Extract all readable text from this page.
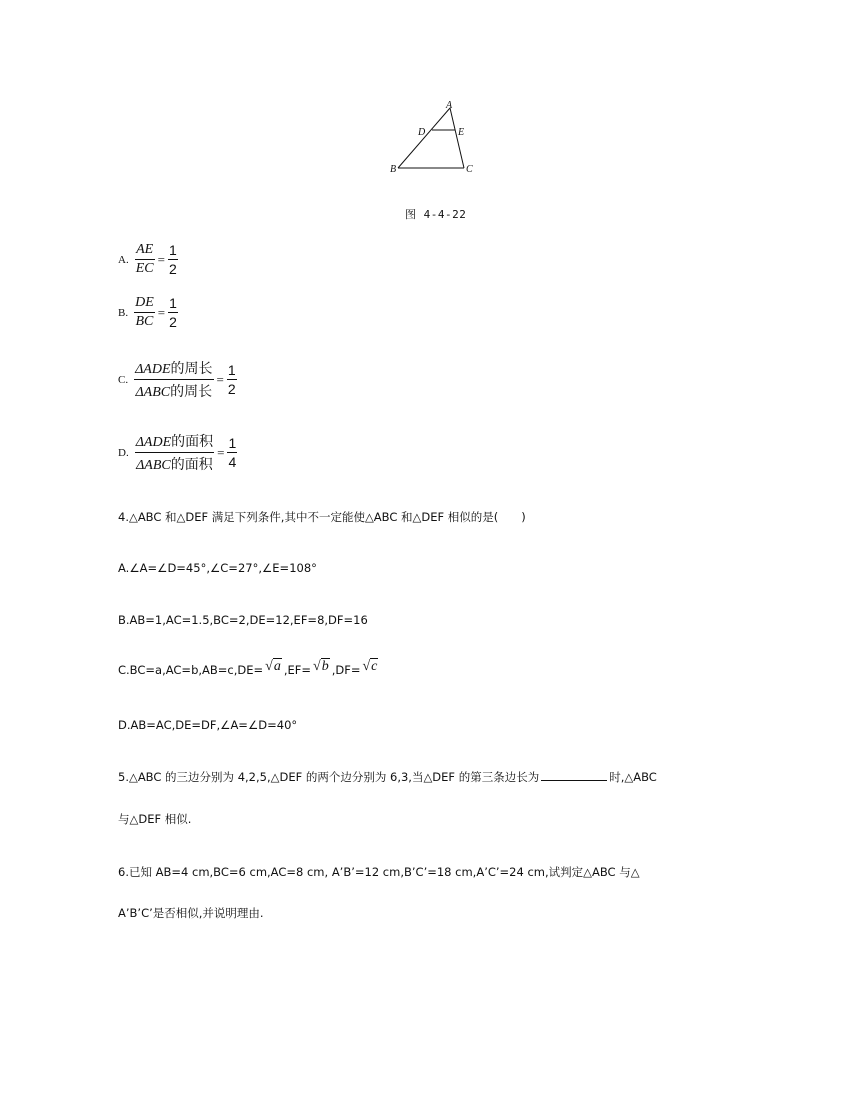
A
D	E
B	C
图 4-4-22
A. $\frac{AE}{EC} = \frac{1}{2}$
B. $\frac{DE}{BC} = \frac{1}{2}$
C. $\frac{\text{ΔADE的周长}}{\text{ΔABC的周长}} = \frac{1}{2}$
D. $\frac{\text{ΔADE的面积}}{\text{ΔABC的面积}} = \frac{1}{4}$
4.△ABC 和△DEF 满足下列条件,其中不一定能使△ABC 和△DEF 相似的是(　　)
A.∠A=∠D=45°,∠C=27°,∠E=108°
B.AB=1,AC=1.5,BC=2,DE=12,EF=8,DF=16
C.BC=a,AC=b,AB=c,DE= √a ,EF= √b ,DF= √c
D.AB=AC,DE=DF,∠A=∠D=40°
5.△ABC 的三边分别为 4,2,5,△DEF 的两个边分别为 6,3,当△DEF 的第三条边长为	时,△ABC
与△DEF 相似.
6.已知 AB=4 cm,BC=6 cm,AC=8 cm, A’B’=12 cm,B’C’=18 cm,A’C’=24 cm,试判定△ABC 与△
A’B’C’是否相似,并说明理由.
